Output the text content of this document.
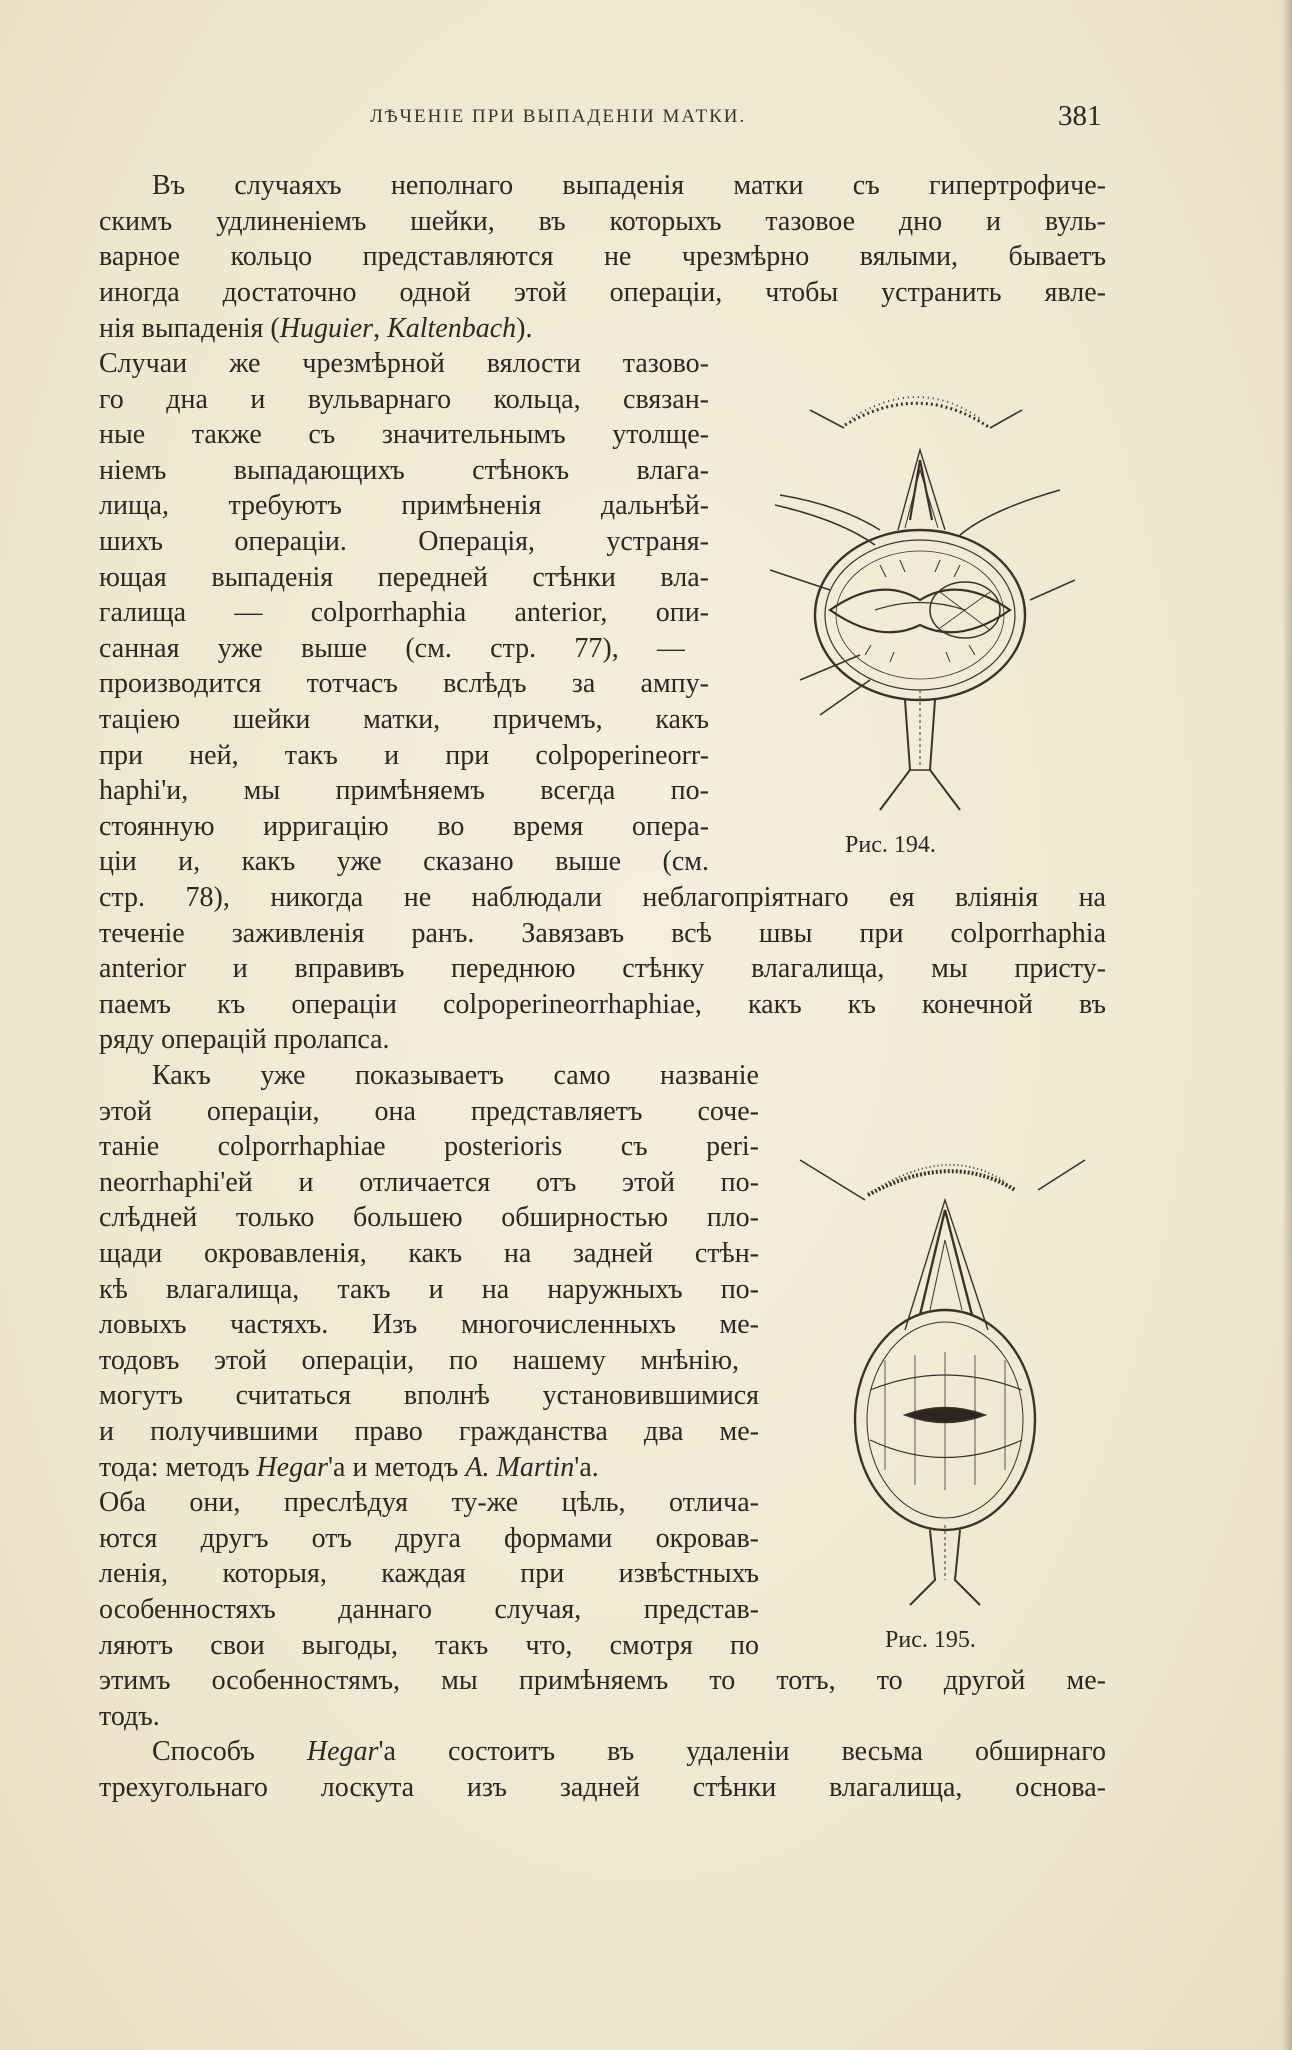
ЛѢЧЕНІЕ ПРИ ВЫПАДЕНІИ МАТКИ.	381
Въ случаяхъ неполнаго выпаденія матки съ гипертрофиче-
скимъ удлиненіемъ шейки, въ которыхъ тазовое дно и вуль-
варное кольцо представляются не чрезмѣрно вялыми, бываетъ
иногда достаточно одной этой операціи, чтобы устранить явле-
нія выпаденія (Huguier, Kaltenbach).
Случаи же чрезмѣрной вялости тазово-
го дна и вульварнаго кольца, связан-
ные также съ значительнымъ утолще-
ніемъ выпадающихъ стѣнокъ влага-
лища, требуютъ примѣненія дальнѣй-
шихъ операціи. Операція, устраня-
ющая выпаденія передней стѣнки вла-
галища — colporrhaphia anterior, опи-
санная уже выше (см. стр. 77), —
производится тотчасъ вслѣдъ за ампу-
таціею шейки матки, причемъ, какъ
при ней, такъ и при colpoperineorr-
haphi'и, мы примѣняемъ всегда по-
стоянную ирригацію во время опера-
ціи и, какъ уже сказано выше (см.
стр. 78), никогда не наблюдали неблагопріятнаго ея вліянія на
теченіе заживленія ранъ. Завязавъ всѣ швы при colporrhaphia
anterior и вправивъ переднюю стѣнку влагалища, мы присту-
паемъ къ операціи colpoperineorrhaphiae, какъ къ конечной въ
ряду операцій пролапса.
Какъ уже показываетъ само названіе
этой операціи, она представляетъ соче-
таніе colporrhaphiae posterioris съ peri-
neorrhaphi'ей и отличается отъ этой по-
слѣдней только большею обширностью пло-
щади окровавленія, какъ на задней стѣн-
кѣ влагалища, такъ и на наружныхъ по-
ловыхъ частяхъ. Изъ многочисленныхъ ме-
тодовъ этой операціи, по нашему мнѣнію,
могутъ считаться вполнѣ установившимися
и получившими право гражданства два ме-
тода: методъ Hegar'а и методъ A. Martin'а.
Оба они, преслѣдуя ту-же цѣль, отлича-
ются другъ отъ друга формами окровав-
ленія, которыя, каждая при извѣстныхъ
особенностяхъ даннаго случая, представ-
ляютъ свои выгоды, такъ что, смотря по
этимъ особенностямъ, мы примѣняемъ то тотъ, то другой ме-
тодъ.
Способъ Hegar'а состоитъ въ удаленіи весьма обширнаго
трехугольнаго лоскута изъ задней стѣнки влагалища, основа-
Рис. 194.
Рис. 195.
